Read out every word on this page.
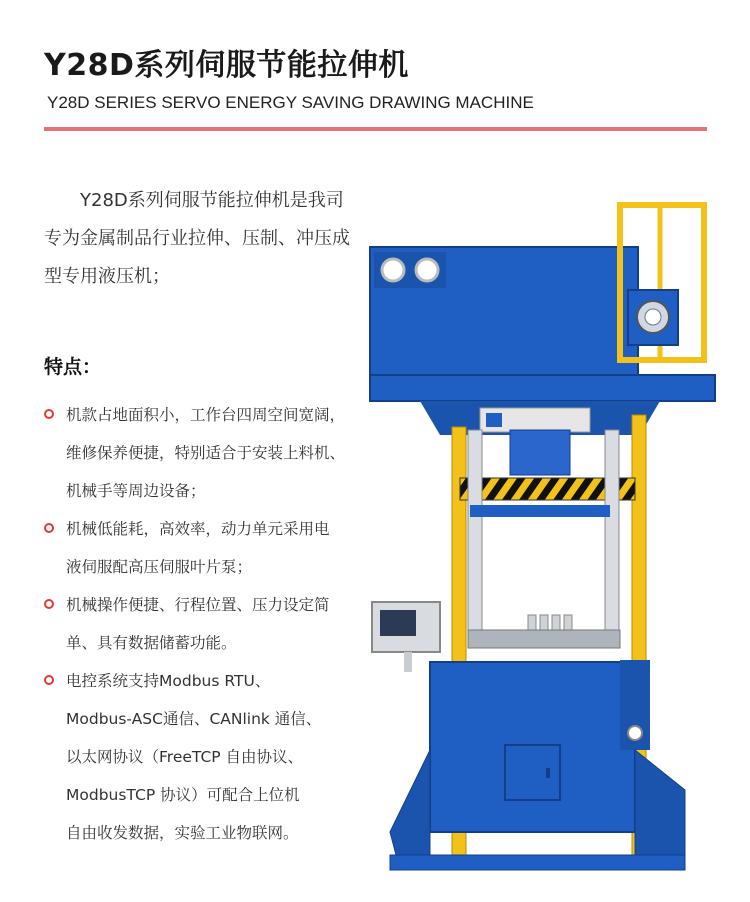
Y28D系列伺服节能拉伸机
Y28D SERIES SERVO ENERGY SAVING DRAWING MACHINE
Y28D系列伺服节能拉伸机是我司专为金属制品行业拉伸、压制、冲压成型专用液压机；
特点：
机款占地面积小，工作台四周空间宽阔，
维修保养便捷，特别适合于安装上料机、
机械手等周边设备；
机械低能耗，高效率，动力单元采用电
液伺服配高压伺服叶片泵；
机械操作便捷、行程位置、压力设定简
单、具有数据储蓄功能。
电控系统支持Modbus RTU、
Modbus-ASC通信、CANlink 通信、
以太网协议（FreeTCP 自由协议、
ModbusTCP 协议）可配合上位机
自由收发数据，实验工业物联网。
